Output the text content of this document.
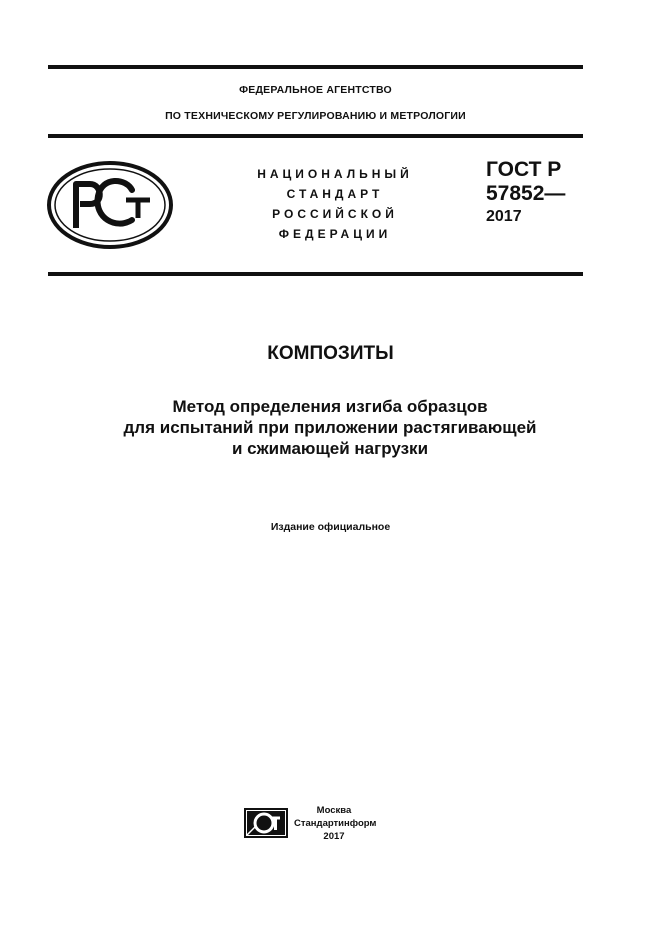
ФЕДЕРАЛЬНОЕ АГЕНТСТВО
ПО ТЕХНИЧЕСКОМУ РЕГУЛИРОВАНИЮ И МЕТРОЛОГИИ
НАЦИОНАЛЬНЫЙ
СТАНДАРТ
РОССИЙСКОЙ
ФЕДЕРАЦИИ
ГОСТ Р
57852—
2017
КОМПОЗИТЫ
Метод определения изгиба образцов
для испытаний при приложении растягивающей
и сжимающей нагрузки
Издание официальное
Москва
Стандартинформ
2017
